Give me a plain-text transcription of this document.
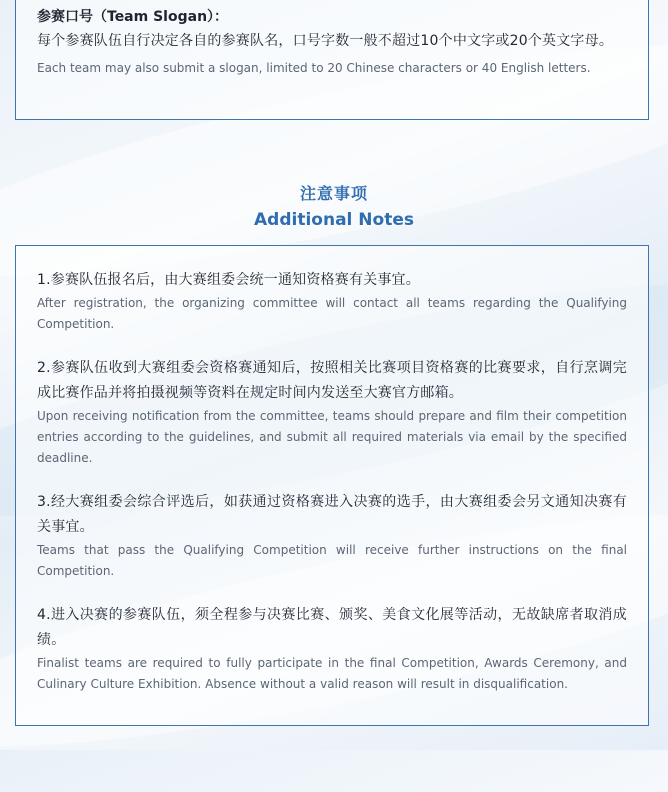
参赛口号（Team Slogan）：

每个参赛队伍自行决定各自的参赛队名，口号字数一般不超过10个中文字或20个英文字母。

Each team may also submit a slogan, limited to 20 Chinese characters or 40 English letters.

注意事项

Additional Notes

1.参赛队伍报名后，由大赛组委会统一通知资格赛有关事宜。

After registration, the organizing committee will contact all teams regarding the Qualifying Competition.

2.参赛队伍收到大赛组委会资格赛通知后，按照相关比赛项目资格赛的比赛要求，自行烹调完成比赛作品并将拍摄视频等资料在规定时间内发送至大赛官方邮箱。

Upon receiving notification from the committee, teams should prepare and film their competition entries according to the guidelines, and submit all required materials via email by the specified deadline.

3.经大赛组委会综合评选后，如获通过资格赛进入决赛的选手，由大赛组委会另文通知决赛有关事宜。

Teams that pass the Qualifying Competition will receive further instructions on the final Competition.

4.进入决赛的参赛队伍，须全程参与决赛比赛、颁奖、美食文化展等活动，无故缺席者取消成绩。

Finalist teams are required to fully participate in the final Competition, Awards Ceremony, and Culinary Culture Exhibition. Absence without a valid reason will result in disqualification.
